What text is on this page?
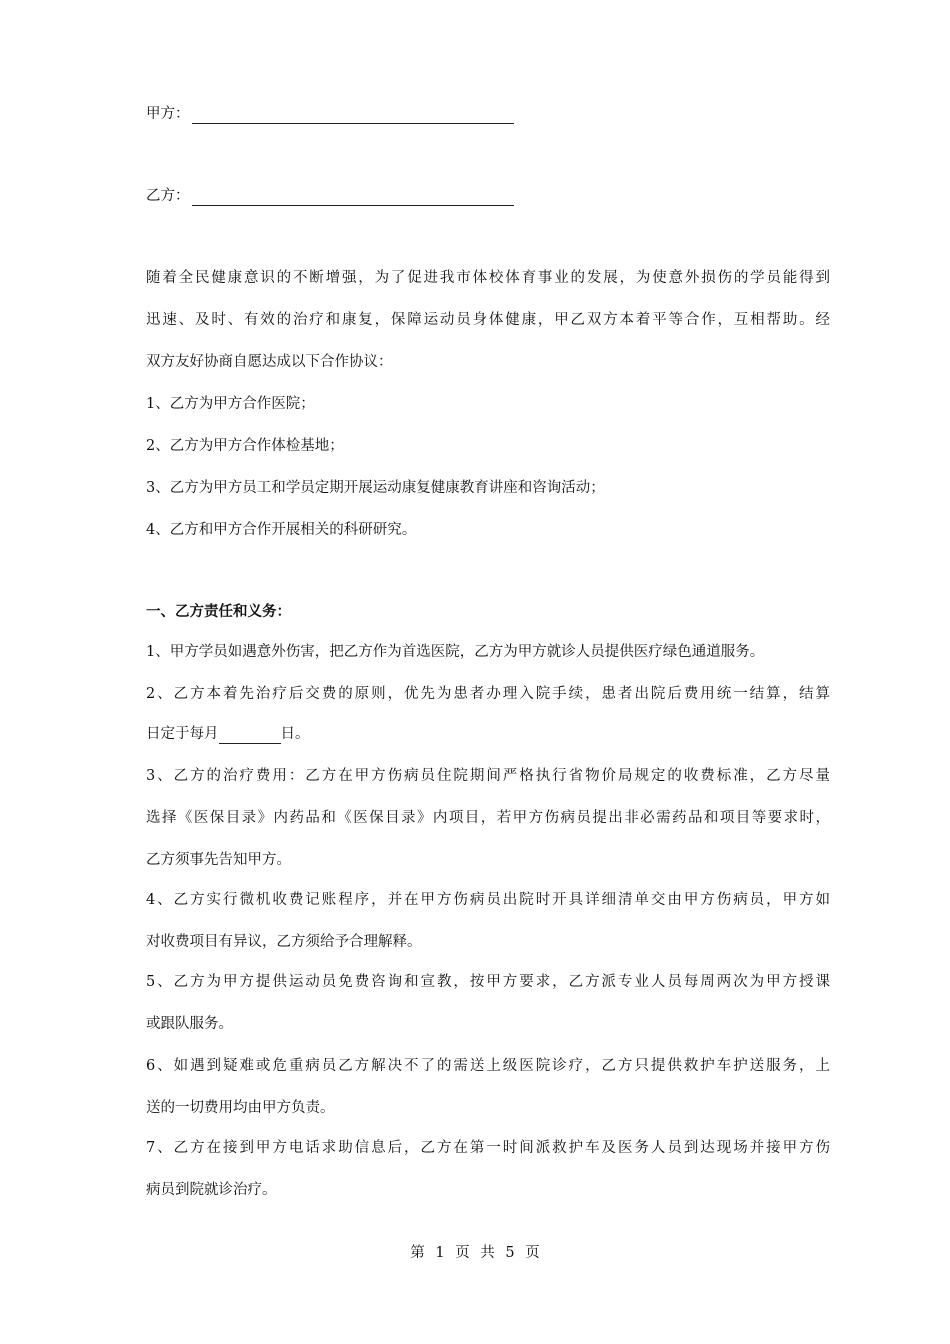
甲方：
乙方：
随着全民健康意识的不断增强，为了促进我市体校体育事业的发展，为使意外损伤的学员能得到
迅速、及时、有效的治疗和康复，保障运动员身体健康，甲乙双方本着平等合作，互相帮助。经
双方友好协商自愿达成以下合作协议：
1、乙方为甲方合作医院；
2、乙方为甲方合作体检基地；
3、乙方为甲方员工和学员定期开展运动康复健康教育讲座和咨询活动；
4、乙方和甲方合作开展相关的科研研究。
一、乙方责任和义务：
1、甲方学员如遇意外伤害，把乙方作为首选医院，乙方为甲方就诊人员提供医疗绿色通道服务。
2、乙方本着先治疗后交费的原则，优先为患者办理入院手续，患者出院后费用统一结算，结算
日定于每月	日。
3、乙方的治疗费用：乙方在甲方伤病员住院期间严格执行省物价局规定的收费标准，乙方尽量
选择《医保目录》内药品和《医保目录》内项目，若甲方伤病员提出非必需药品和项目等要求时，
乙方须事先告知甲方。
4、乙方实行微机收费记账程序，并在甲方伤病员出院时开具详细清单交由甲方伤病员，甲方如
对收费项目有异议，乙方须给予合理解释。
5、乙方为甲方提供运动员免费咨询和宣教，按甲方要求，乙方派专业人员每周两次为甲方授课
或跟队服务。
6、如遇到疑难或危重病员乙方解决不了的需送上级医院诊疗，乙方只提供救护车护送服务，上
送的一切费用均由甲方负责。
7、乙方在接到甲方电话求助信息后，乙方在第一时间派救护车及医务人员到达现场并接甲方伤
病员到院就诊治疗。
第 1 页 共 5 页
